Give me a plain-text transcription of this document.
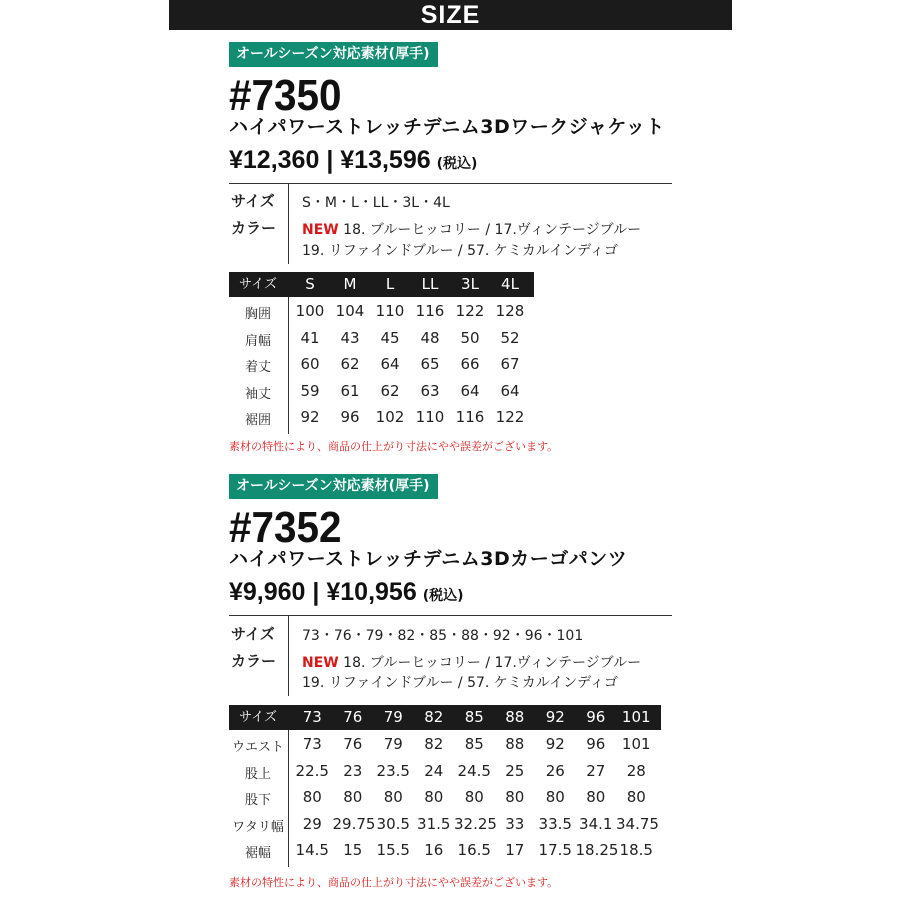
SIZE
オールシーズン対応素材(厚手)
#7350
ハイパワーストレッチデニム3Dワークジャケット
¥12,360 | ¥13,596 (税込)
サイズ S・M・L・LL・3L・4L
カラー NEW 18. ブルーヒッコリー / 17.ヴィンテージブルー
19. リファインドブルー / 57. ケミカルインディゴ
サイズ	S	M	L	LL	3L	4L
胸囲	100 104 110 116 122 128
肩幅	41	43	45	48	50	52
着丈	60	62	64	65	66	67
袖丈	59	61	62	63	64	64
裾囲	92	96	102 110 116 122
素材の特性により、商品の仕上がり寸法にやや誤差がございます。
オールシーズン対応素材(厚手)
#7352
ハイパワーストレッチデニム3Dカーゴパンツ
¥9,960 | ¥10,956 (税込)
サイズ 73・76・79・82・85・88・92・96・101
カラー NEW 18. ブルーヒッコリー / 17.ヴィンテージブルー
19. リファインドブルー / 57. ケミカルインディゴ
サイズ	73	76	79	82	85	88	92	96	101
ウエスト	73	76	79	82	85	88	92	96	101
股上	22.5 23 23.5 24 24.5 25	26	27	28
股下	80	80	80	80	80	80	80	80	80
ワタリ幅	29 29.75 30.5 31.5 32.25 33 33.5 34.1 34.75
裾幅	14.5 15 15.5 16 16.5 17 17.5 18.25 18.5
素材の特性により、商品の仕上がり寸法にやや誤差がございます。
